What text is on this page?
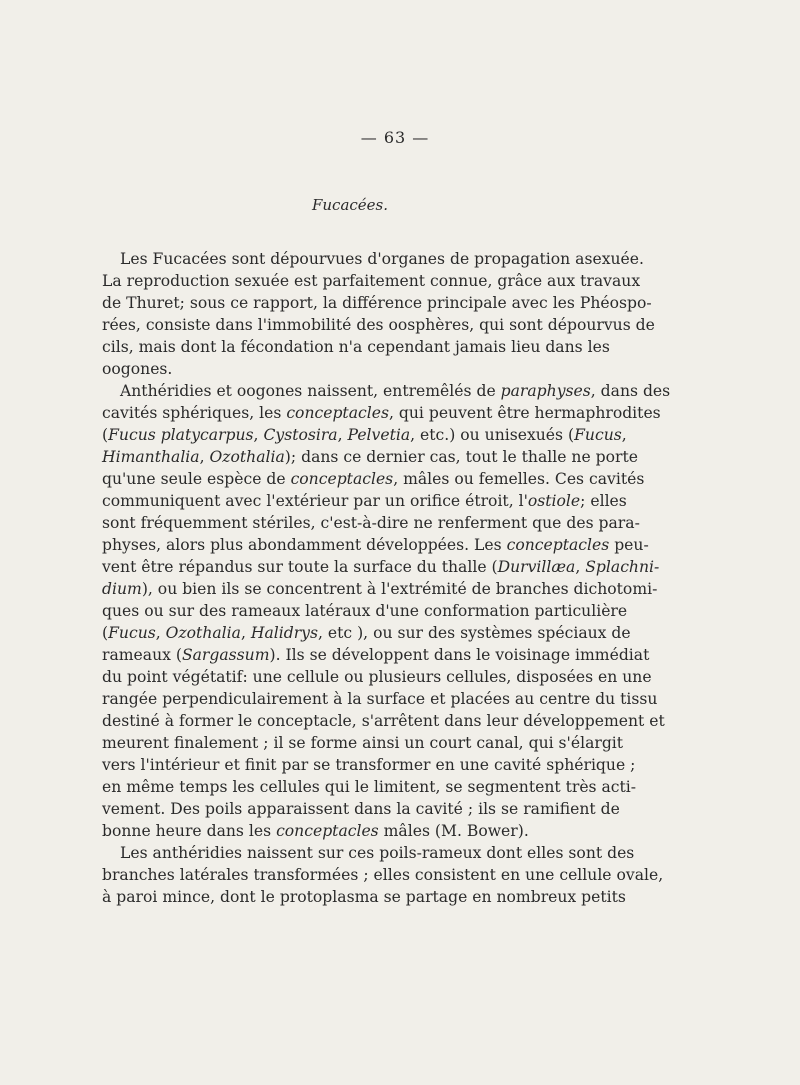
— 63 —
Fucacées.
Les Fucacées sont dépourvues d'organes de propagation asexuée.
La reproduction sexuée est parfaitement connue, grâce aux travaux
de Thuret; sous ce rapport, la différence principale avec les Phéospo-
rées, consiste dans l'immobilité des oosphères, qui sont dépourvus de
cils, mais dont la fécondation n'a cependant jamais lieu dans les
oogones.
Anthéridies et oogones naissent, entremêlés de paraphyses, dans des
cavités sphériques, les conceptacles, qui peuvent être hermaphrodites
(Fucus platycarpus, Cystosira, Pelvetia, etc.) ou unisexués (Fucus,
Himanthalia, Ozothalia); dans ce dernier cas, tout le thalle ne porte
qu'une seule espèce de conceptacles, mâles ou femelles. Ces cavités
communiquent avec l'extérieur par un orifice étroit, l'ostiole; elles
sont fréquemment stériles, c'est-à-dire ne renferment que des para-
physes, alors plus abondamment développées. Les conceptacles peu-
vent être répandus sur toute la surface du thalle (Durvillæa, Splachni-
dium), ou bien ils se concentrent à l'extrémité de branches dichotomi-
ques ou sur des rameaux latéraux d'une conformation particulière
(Fucus, Ozothalia, Halidrys, etc ), ou sur des systèmes spéciaux de
rameaux (Sargassum). Ils se développent dans le voisinage immédiat
du point végétatif: une cellule ou plusieurs cellules, disposées en une
rangée perpendiculairement à la surface et placées au centre du tissu
destiné à former le conceptacle, s'arrêtent dans leur développement et
meurent finalement ; il se forme ainsi un court canal, qui s'élargit
vers l'intérieur et finit par se transformer en une cavité sphérique ;
en même temps les cellules qui le limitent, se segmentent très acti-
vement. Des poils apparaissent dans la cavité ; ils se ramifient de
bonne heure dans les conceptacles mâles (M. Bower).
Les anthéridies naissent sur ces poils-rameux dont elles sont des
branches latérales transformées ; elles consistent en une cellule ovale,
à paroi mince, dont le protoplasma se partage en nombreux petits
